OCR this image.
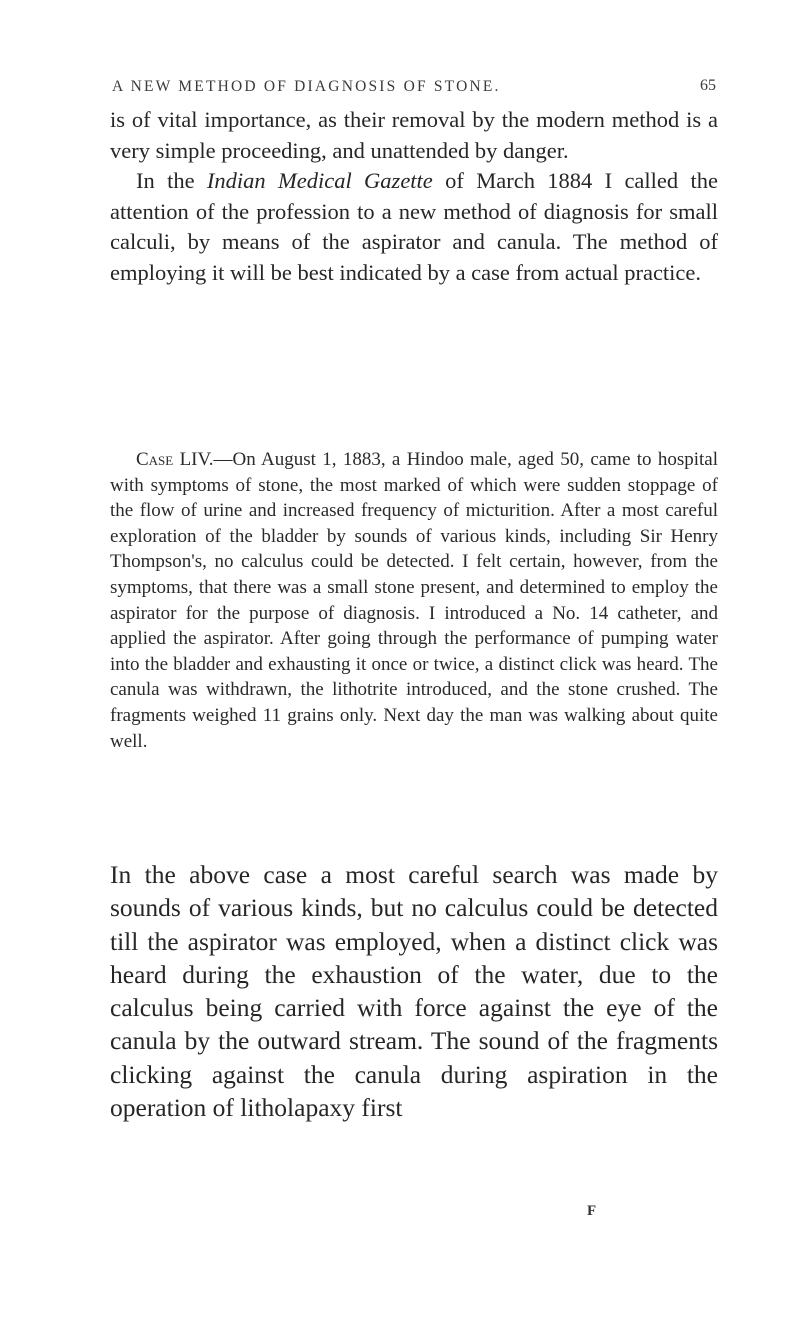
A NEW METHOD OF DIAGNOSIS OF STONE.	65

is of vital importance, as their removal by the modern method is a very simple proceeding, and unattended by danger.

In the Indian Medical Gazette of March 1884 I called the attention of the profession to a new method of diagnosis for small calculi, by means of the aspirator and canula. The method of employing it will be best indicated by a case from actual practice.

Case LIV.—On August 1, 1883, a Hindoo male, aged 50, came to hospital with symptoms of stone, the most marked of which were sudden stoppage of the flow of urine and increased frequency of micturition. After a most careful exploration of the bladder by sounds of various kinds, including Sir Henry Thompson's, no calculus could be detected. I felt certain, however, from the symptoms, that there was a small stone present, and determined to employ the aspirator for the purpose of diagnosis. I introduced a No. 14 catheter, and applied the aspirator. After going through the performance of pumping water into the bladder and exhausting it once or twice, a distinct click was heard. The canula was withdrawn, the lithotrite introduced, and the stone crushed. The fragments weighed 11 grains only. Next day the man was walking about quite well.

In the above case a most careful search was made by sounds of various kinds, but no calculus could be detected till the aspirator was employed, when a distinct click was heard during the exhaustion of the water, due to the calculus being carried with force against the eye of the canula by the outward stream. The sound of the fragments clicking against the canula during aspiration in the operation of litholapaxy first

F
